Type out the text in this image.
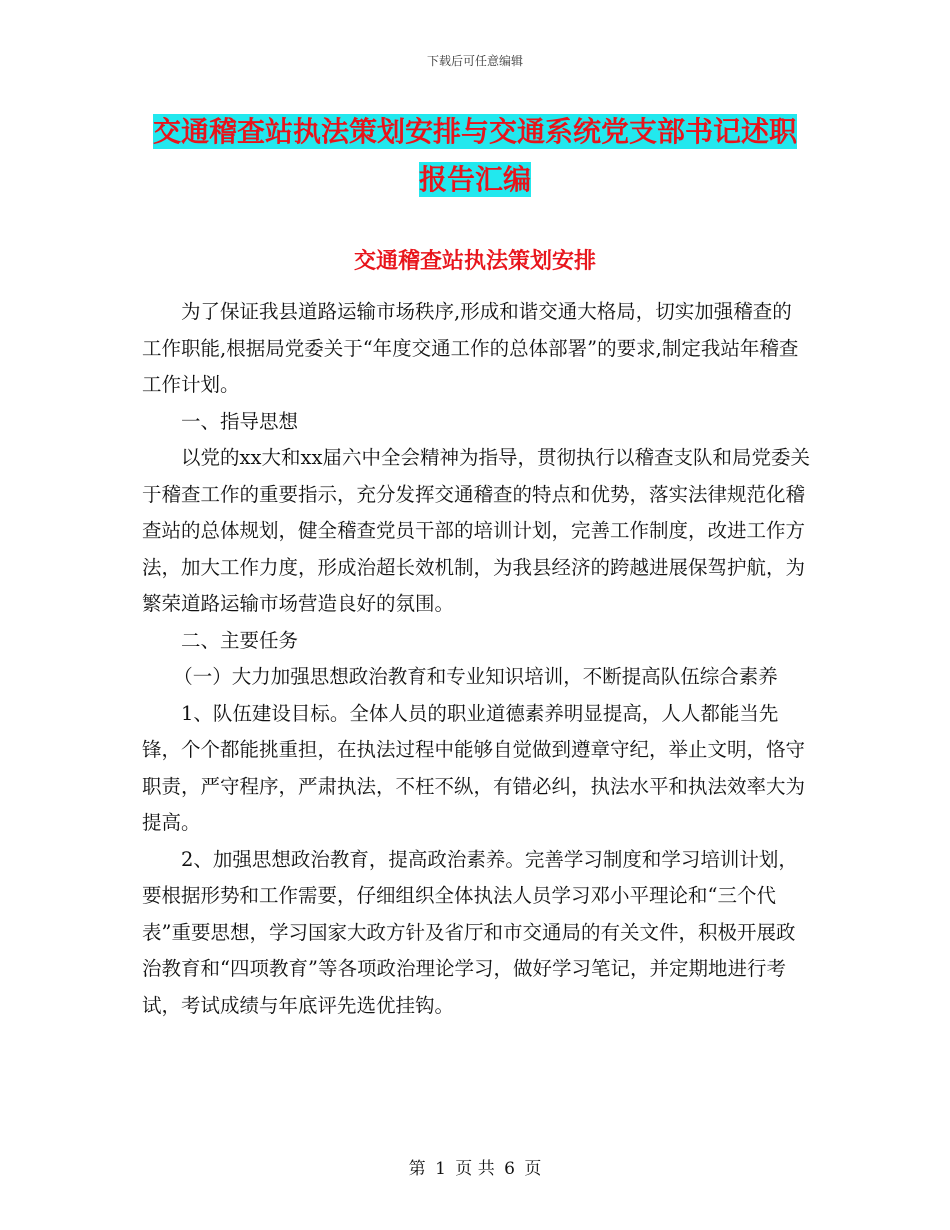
下载后可任意编辑
交通稽查站执法策划安排与交通系统党支部书记述职
报告汇编
交通稽查站执法策划安排

为了保证我县道路运输市场秩序,形成和谐交通大格局，切实加强稽查的工作职能,根据局党委关于“年度交通工作的总体部署”的要求,制定我站年稽查工作计划。

一、指导思想

以党的xx大和xx届六中全会精神为指导，贯彻执行以稽查支队和局党委关于稽查工作的重要指示，充分发挥交通稽查的特点和优势，落实法律规范化稽查站的总体规划，健全稽查党员干部的培训计划，完善工作制度，改进工作方法，加大工作力度，形成治超长效机制，为我县经济的跨越进展保驾护航，为繁荣道路运输市场营造良好的氛围。

二、主要任务

（一）大力加强思想政治教育和专业知识培训，不断提高队伍综合素养

1、队伍建设目标。全体人员的职业道德素养明显提高，人人都能当先锋，个个都能挑重担，在执法过程中能够自觉做到遵章守纪，举止文明，恪守职责，严守程序，严肃执法，不枉不纵，有错必纠，执法水平和执法效率大为提高。

2、加强思想政治教育，提高政治素养。完善学习制度和学习培训计划，要根据形势和工作需要，仔细组织全体执法人员学习邓小平理论和“三个代表”重要思想，学习国家大政方针及省厅和市交通局的有关文件，积极开展政治教育和“四项教育”等各项政治理论学习，做好学习笔记，并定期地进行考试，考试成绩与年底评先选优挂钩。

第 1 页 共 6 页
